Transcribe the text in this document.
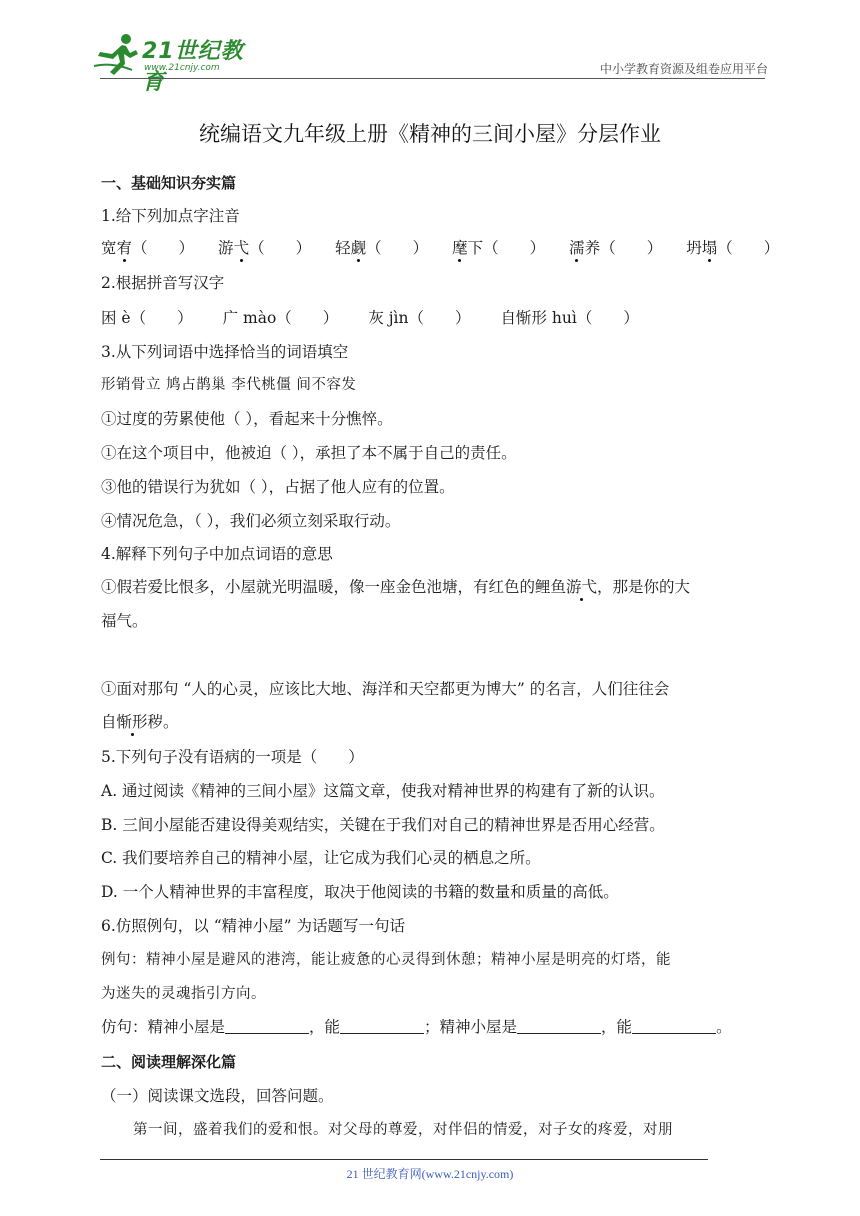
21世纪教育
www.21cnjy.com	中小学教育资源及组卷应用平台
统编语文九年级上册《精神的三间小屋》分层作业
一、基础知识夯实篇
1.给下列加点字注音
宽宥（　　） 游弋（　　） 轻觑（　　） 麾下（　　） 濡养（　　） 坍塌（　　）
2.根据拼音写汉字
困 è（　　） 广 mào（　　） 灰 jìn（　　） 自惭形 huì（　　）
3.从下列词语中选择恰当的词语填空
形销骨立 鸠占鹊巢 李代桃僵 间不容发
①过度的劳累使他（ ），看起来十分憔悴。
①在这个项目中，他被迫（ ），承担了本不属于自己的责任。
③他的错误行为犹如（ ），占据了他人应有的位置。
④情况危急，（ ），我们必须立刻采取行动。
4.解释下列句子中加点词语的意思
①假若爱比恨多，小屋就光明温暖，像一座金色池塘，有红色的鲤鱼游弋，那是你的大
福气。
①面对那句 “人的心灵，应该比大地、海洋和天空都更为博大” 的名言，人们往往会
自惭形秽。
5.下列句子没有语病的一项是（　　）
A. 通过阅读《精神的三间小屋》这篇文章，使我对精神世界的构建有了新的认识。
B. 三间小屋能否建设得美观结实，关键在于我们对自己的精神世界是否用心经营。
C. 我们要培养自己的精神小屋，让它成为我们心灵的栖息之所。
D. 一个人精神世界的丰富程度，取决于他阅读的书籍的数量和质量的高低。
6.仿照例句，以 “精神小屋” 为话题写一句话
例句：精神小屋是避风的港湾，能让疲惫的心灵得到休憩；精神小屋是明亮的灯塔，能
为迷失的灵魂指引方向。
仿句：精神小屋是	，能	；精神小屋是	，能	。
二、阅读理解深化篇
（一）阅读课文选段，回答问题。
第一间，盛着我们的爱和恨。对父母的尊爱，对伴侣的情爱，对子女的疼爱，对朋
21 世纪教育网(www.21cnjy.com)
